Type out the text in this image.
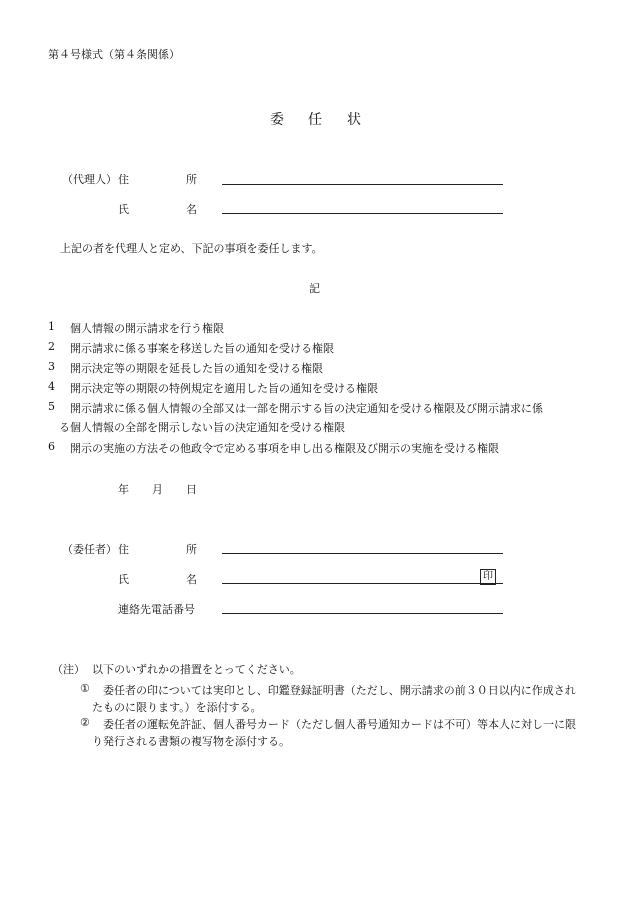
第４号様式（第４条関係）
委 任 状
（代理人） 住	所
氏	名
上記の者を代理人と定め、下記の事項を委任します。
記
1 個人情報の開示請求を行う権限
2 開示請求に係る事案を移送した旨の通知を受ける権限
3 開示決定等の期限を延長した旨の通知を受ける権限
4 開示決定等の期限の特例規定を適用した旨の通知を受ける権限
5 開示請求に係る個人情報の全部又は一部を開示する旨の決定通知を受ける権限及び開示請求に係
る個人情報の全部を開示しない旨の決定通知を受ける権限
6 開示の実施の方法その他政令で定める事項を申し出る権限及び開示の実施を受ける権限
年 月 日
（委任者） 住	所
氏	名	印
連絡先電話番号
（注） 以下のいずれかの措置をとってください。
① 委任者の印については実印とし、印鑑登録証明書（ただし、開示請求の前３０日以内に作成され
たものに限ります。）を添付する。
② 委任者の運転免許証、個人番号カード（ただし個人番号通知カードは不可）等本人に対し一に限
り発行される書類の複写物を添付する。
